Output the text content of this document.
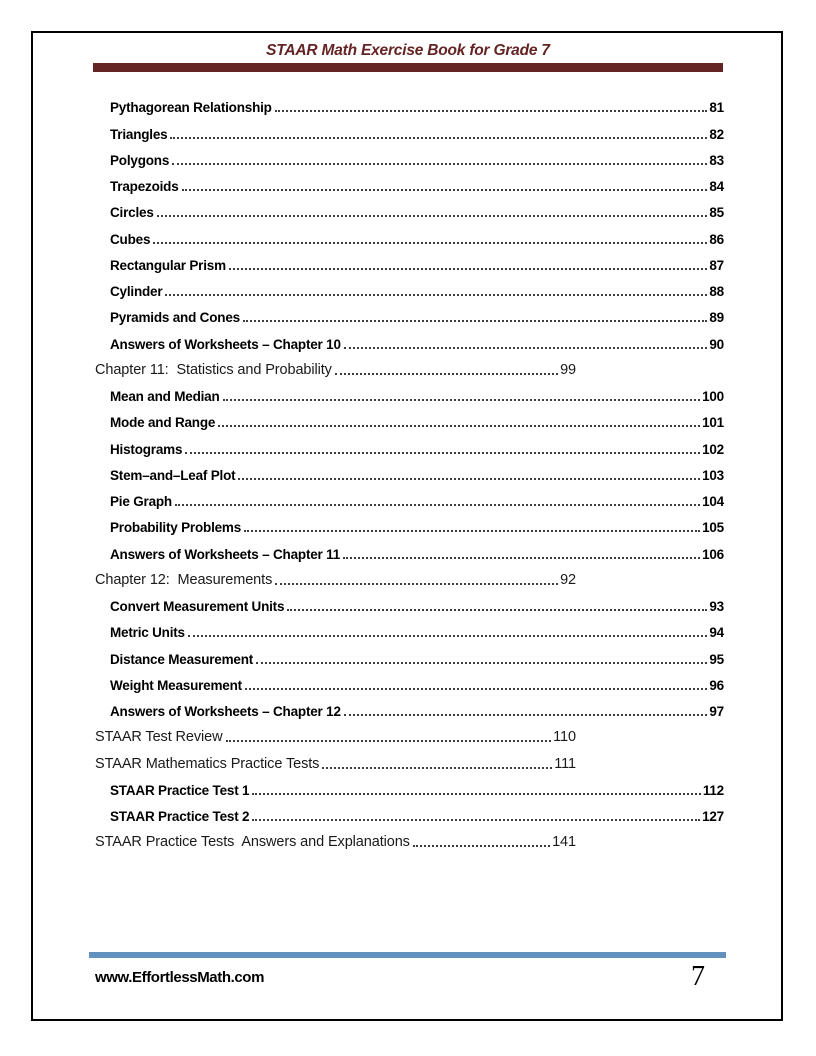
STAAR Math Exercise Book for Grade 7
Pythagorean Relationship	81
Triangles	82
Polygons	83
Trapezoids	84
Circles	85
Cubes	86
Rectangular Prism	87
Cylinder	88
Pyramids and Cones	89
Answers of Worksheets – Chapter 10	90
Chapter 11:  Statistics and Probability	99
Mean and Median	100
Mode and Range	101
Histograms	102
Stem–and–Leaf Plot	103
Pie Graph	104
Probability Problems	105
Answers of Worksheets – Chapter 11	106
Chapter 12:  Measurements	92
Convert Measurement Units	93
Metric Units	94
Distance Measurement	95
Weight Measurement	96
Answers of Worksheets – Chapter 12	97
STAAR Test Review	110
STAAR Mathematics Practice Tests	111
STAAR Practice Test 1	112
STAAR Practice Test 2	127
STAAR Practice Tests  Answers and Explanations	141
www.EffortlessMath.com	7
